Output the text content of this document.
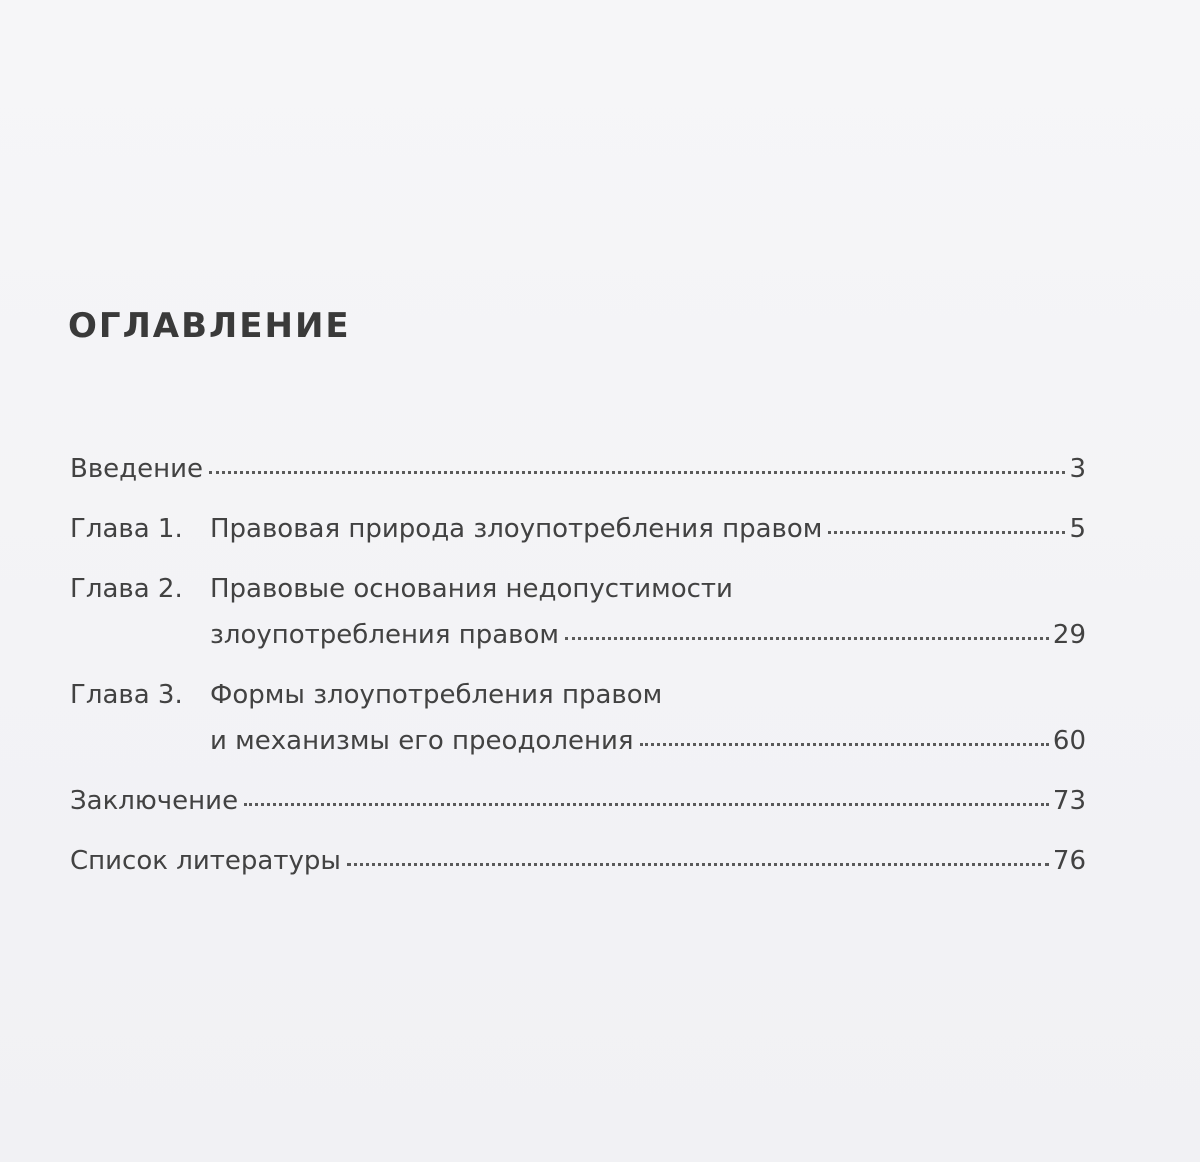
ОГЛАВЛЕНИЕ
Введение	3
Глава 1.	Правовая природа злоупотребления правом	5
Глава 2.	Правовые основания недопустимости
злоупотребления правом	29
Глава 3.	Формы злоупотребления правом
и механизмы его преодоления	60
Заключение	73
Список литературы	76
